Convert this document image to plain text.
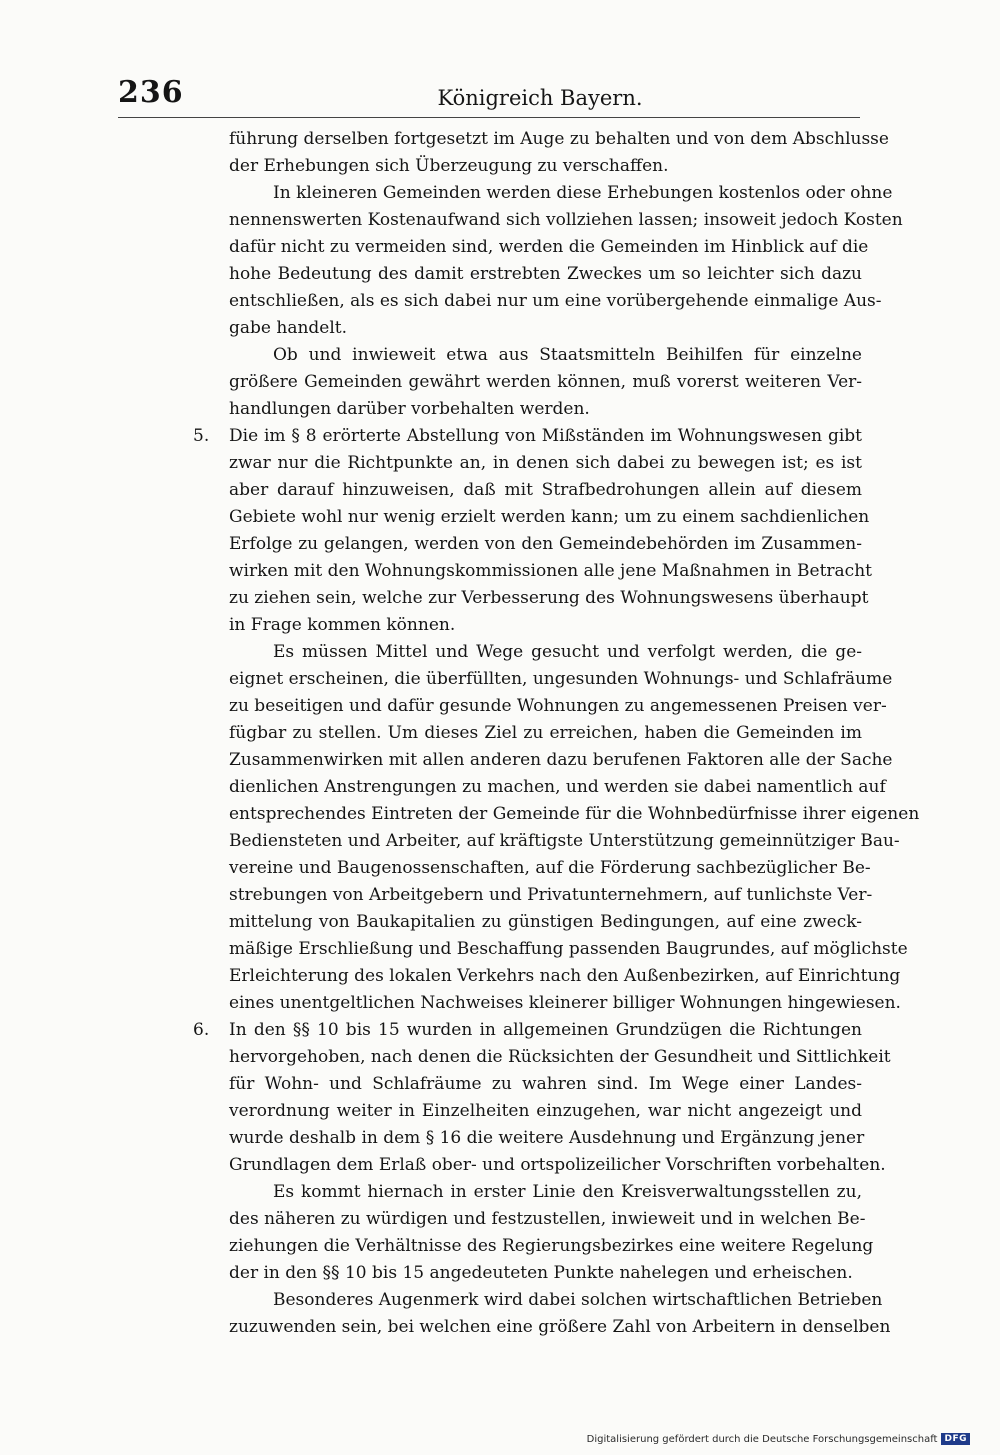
236	Königreich Bayern.
führung derselben fortgesetzt im Auge zu behalten und von dem Abschlusse
der Erhebungen sich Überzeugung zu verschaffen.
In kleineren Gemeinden werden diese Erhebungen kostenlos oder ohne
nennenswerten Kostenaufwand sich vollziehen lassen; insoweit jedoch Kosten
dafür nicht zu vermeiden sind, werden die Gemeinden im Hinblick auf die
hohe Bedeutung des damit erstrebten Zweckes um so leichter sich dazu
entschließen, als es sich dabei nur um eine vorübergehende einmalige Aus-
gabe handelt.
Ob und inwieweit etwa aus Staatsmitteln Beihilfen für einzelne
größere Gemeinden gewährt werden können, muß vorerst weiteren Ver-
handlungen darüber vorbehalten werden.
5. Die im § 8 erörterte Abstellung von Mißständen im Wohnungswesen gibt
zwar nur die Richtpunkte an, in denen sich dabei zu bewegen ist; es ist
aber darauf hinzuweisen, daß mit Strafbedrohungen allein auf diesem
Gebiete wohl nur wenig erzielt werden kann; um zu einem sachdienlichen
Erfolge zu gelangen, werden von den Gemeindebehörden im Zusammen-
wirken mit den Wohnungskommissionen alle jene Maßnahmen in Betracht
zu ziehen sein, welche zur Verbesserung des Wohnungswesens überhaupt
in Frage kommen können.
Es müssen Mittel und Wege gesucht und verfolgt werden, die ge-
eignet erscheinen, die überfüllten, ungesunden Wohnungs- und Schlafräume
zu beseitigen und dafür gesunde Wohnungen zu angemessenen Preisen ver-
fügbar zu stellen. Um dieses Ziel zu erreichen, haben die Gemeinden im
Zusammenwirken mit allen anderen dazu berufenen Faktoren alle der Sache
dienlichen Anstrengungen zu machen, und werden sie dabei namentlich auf
entsprechendes Eintreten der Gemeinde für die Wohnbedürfnisse ihrer eigenen
Bediensteten und Arbeiter, auf kräftigste Unterstützung gemeinnütziger Bau-
vereine und Baugenossenschaften, auf die Förderung sachbezüglicher Be-
strebungen von Arbeitgebern und Privatunternehmern, auf tunlichste Ver-
mittelung von Baukapitalien zu günstigen Bedingungen, auf eine zweck-
mäßige Erschließung und Beschaffung passenden Baugrundes, auf möglichste
Erleichterung des lokalen Verkehrs nach den Außenbezirken, auf Einrichtung
eines unentgeltlichen Nachweises kleinerer billiger Wohnungen hingewiesen.
6. In den §§ 10 bis 15 wurden in allgemeinen Grundzügen die Richtungen
hervorgehoben, nach denen die Rücksichten der Gesundheit und Sittlichkeit
für Wohn- und Schlafräume zu wahren sind. Im Wege einer Landes-
verordnung weiter in Einzelheiten einzugehen, war nicht angezeigt und
wurde deshalb in dem § 16 die weitere Ausdehnung und Ergänzung jener
Grundlagen dem Erlaß ober- und ortspolizeilicher Vorschriften vorbehalten.
Es kommt hiernach in erster Linie den Kreisverwaltungsstellen zu,
des näheren zu würdigen und festzustellen, inwieweit und in welchen Be-
ziehungen die Verhältnisse des Regierungsbezirkes eine weitere Regelung
der in den §§ 10 bis 15 angedeuteten Punkte nahelegen und erheischen.
Besonderes Augenmerk wird dabei solchen wirtschaftlichen Betrieben
zuzuwenden sein, bei welchen eine größere Zahl von Arbeitern in denselben
Digitalisierung gefördert durch die Deutsche Forschungsgemeinschaft DFG
